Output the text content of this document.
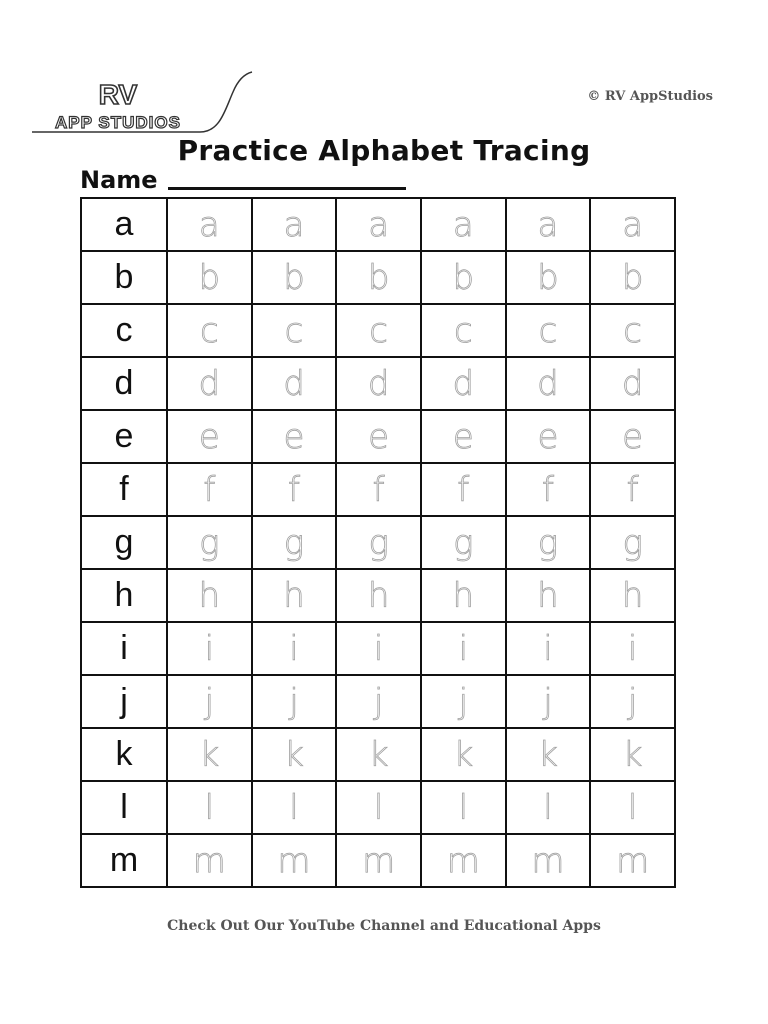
RV
APP STUDIOS
© RV AppStudios
Practice Alphabet Tracing
Name
a	a	a	a	a	a	a
b	b	b	b	b	b	b
c	c	c	c	c	c	c
d	d	d	d	d	d	d
e	e	e	e	e	e	e
f	f	f	f	f	f	f
g	g	g	g	g	g	g
h	h	h	h	h	h	h
i	i	i	i	i	i	i
j	j	j	j	j	j	j
k	k	k	k	k	k	k
l	l	l	l	l	l	l
m	m	m	m	m	m	m
Check Out Our YouTube Channel and Educational Apps
